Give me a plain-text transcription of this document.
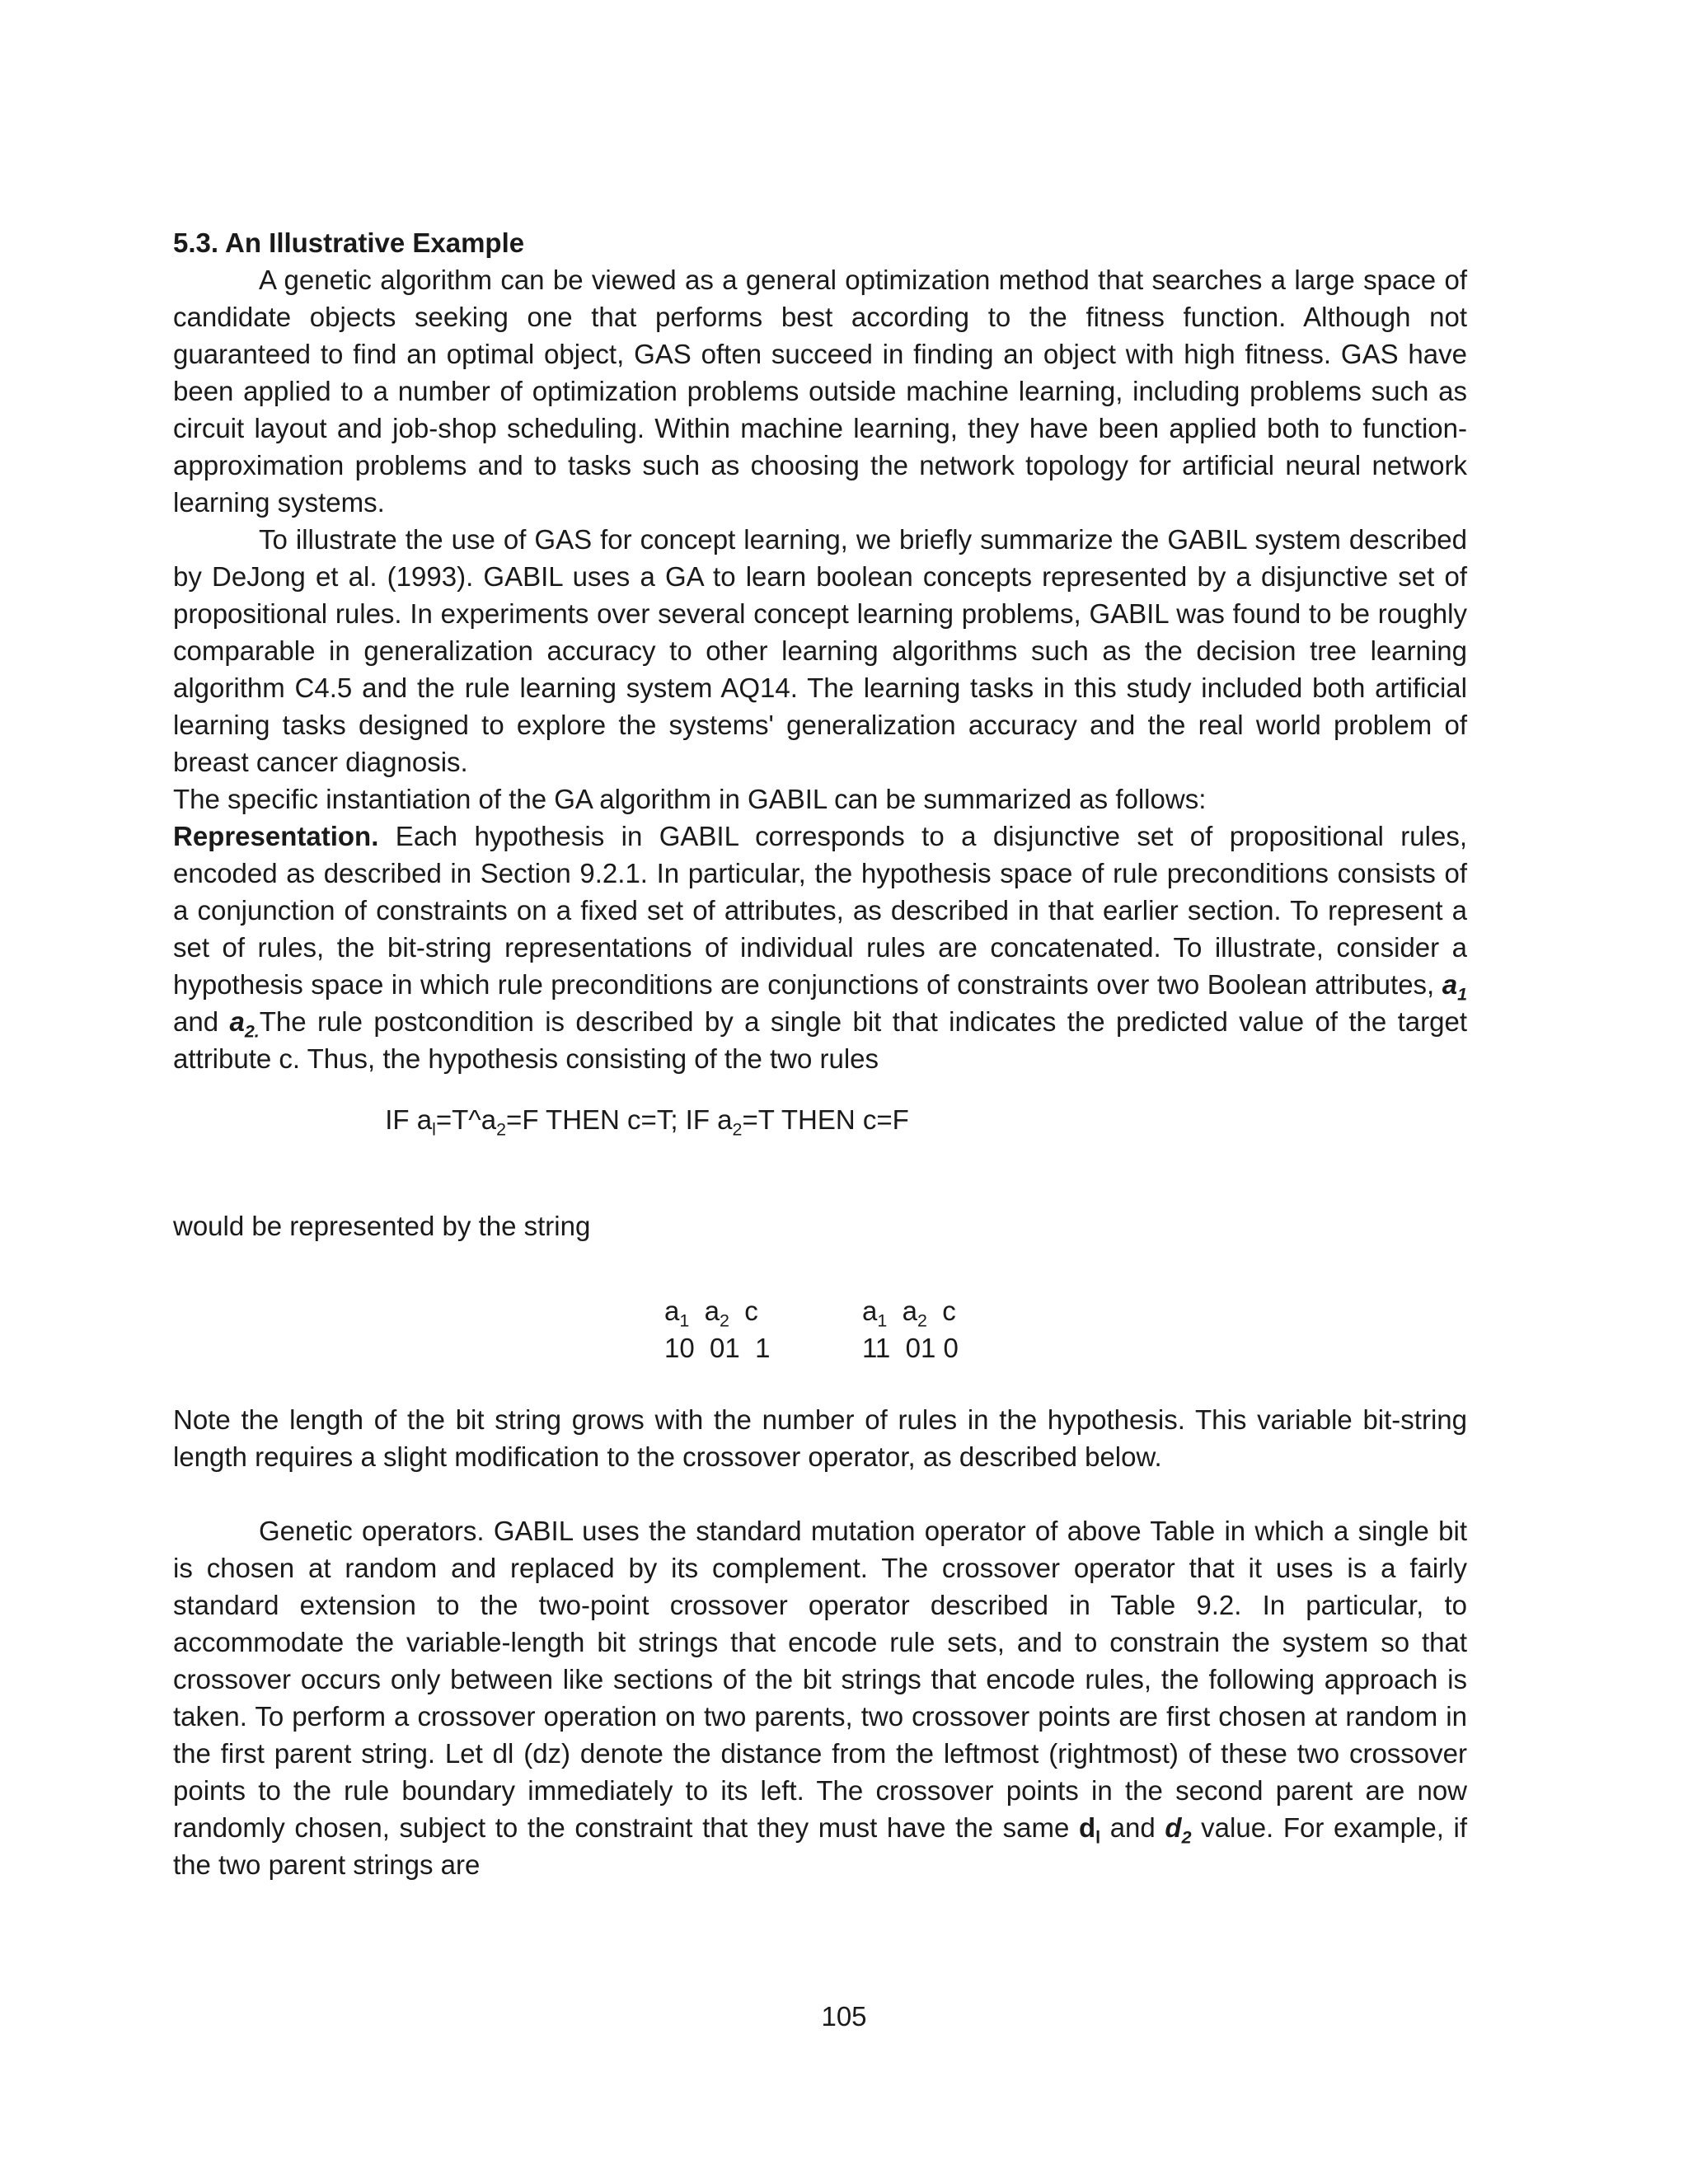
5.3. An Illustrative Example

A genetic algorithm can be viewed as a general optimization method that searches a large space of candidate objects seeking one that performs best according to the fitness function. Although not guaranteed to find an optimal object, GAS often succeed in finding an object with high fitness. GAS have been applied to a number of optimization problems outside machine learning, including problems such as circuit layout and job-shop scheduling. Within machine learning, they have been applied both to function-approximation problems and to tasks such as choosing the network topology for artificial neural network learning systems.

To illustrate the use of GAS for concept learning, we briefly summarize the GABIL system described by DeJong et al. (1993). GABIL uses a GA to learn boolean concepts represented by a disjunctive set of propositional rules. In experiments over several concept learning problems, GABIL was found to be roughly comparable in generalization accuracy to other learning algorithms such as the decision tree learning algorithm C4.5 and the rule learning system AQ14. The learning tasks in this study included both artificial learning tasks designed to explore the systems' generalization accuracy and the real world problem of breast cancer diagnosis.

The specific instantiation of the GA algorithm in GABIL can be summarized as follows:

Representation. Each hypothesis in GABIL corresponds to a disjunctive set of propositional rules, encoded as described in Section 9.2.1. In particular, the hypothesis space of rule preconditions consists of a conjunction of constraints on a fixed set of attributes, as described in that earlier section. To represent a set of rules, the bit-string representations of individual rules are concatenated. To illustrate, consider a hypothesis space in which rule preconditions are conjunctions of constraints over two Boolean attributes, $a_1$ and $a_{2.}The$ rule postcondition is described by a single bit that indicates the predicted value of the target attribute c. Thus, the hypothesis consisting of the two rules

IF $a_l=T\^{}a_2=F$ THEN c=T; IF $a_2=T$ THEN c=F

would be represented by the string

$a_1$  $a_2$  c
10  01  1
$a_1$  $a_2$  c
11  01 0

Note the length of the bit string grows with the number of rules in the hypothesis. This variable bit-string length requires a slight modification to the crossover operator, as described below.

Genetic operators. GABIL uses the standard mutation operator of above Table in which a single bit is chosen at random and replaced by its complement. The crossover operator that it uses is a fairly standard extension to the two-point crossover operator described in Table 9.2. In particular, to accommodate the variable-length bit strings that encode rule sets, and to constrain the system so that crossover occurs only between like sections of the bit strings that encode rules, the following approach is taken. To perform a crossover operation on two parents, two crossover points are first chosen at random in the first parent string. Let dl (dz) denote the distance from the leftmost (rightmost) of these two crossover points to the rule boundary immediately to its left. The crossover points in the second parent are now randomly chosen, subject to the constraint that they must have the same $d_l$ and $d_2$ value. For example, if the two parent strings are

105
